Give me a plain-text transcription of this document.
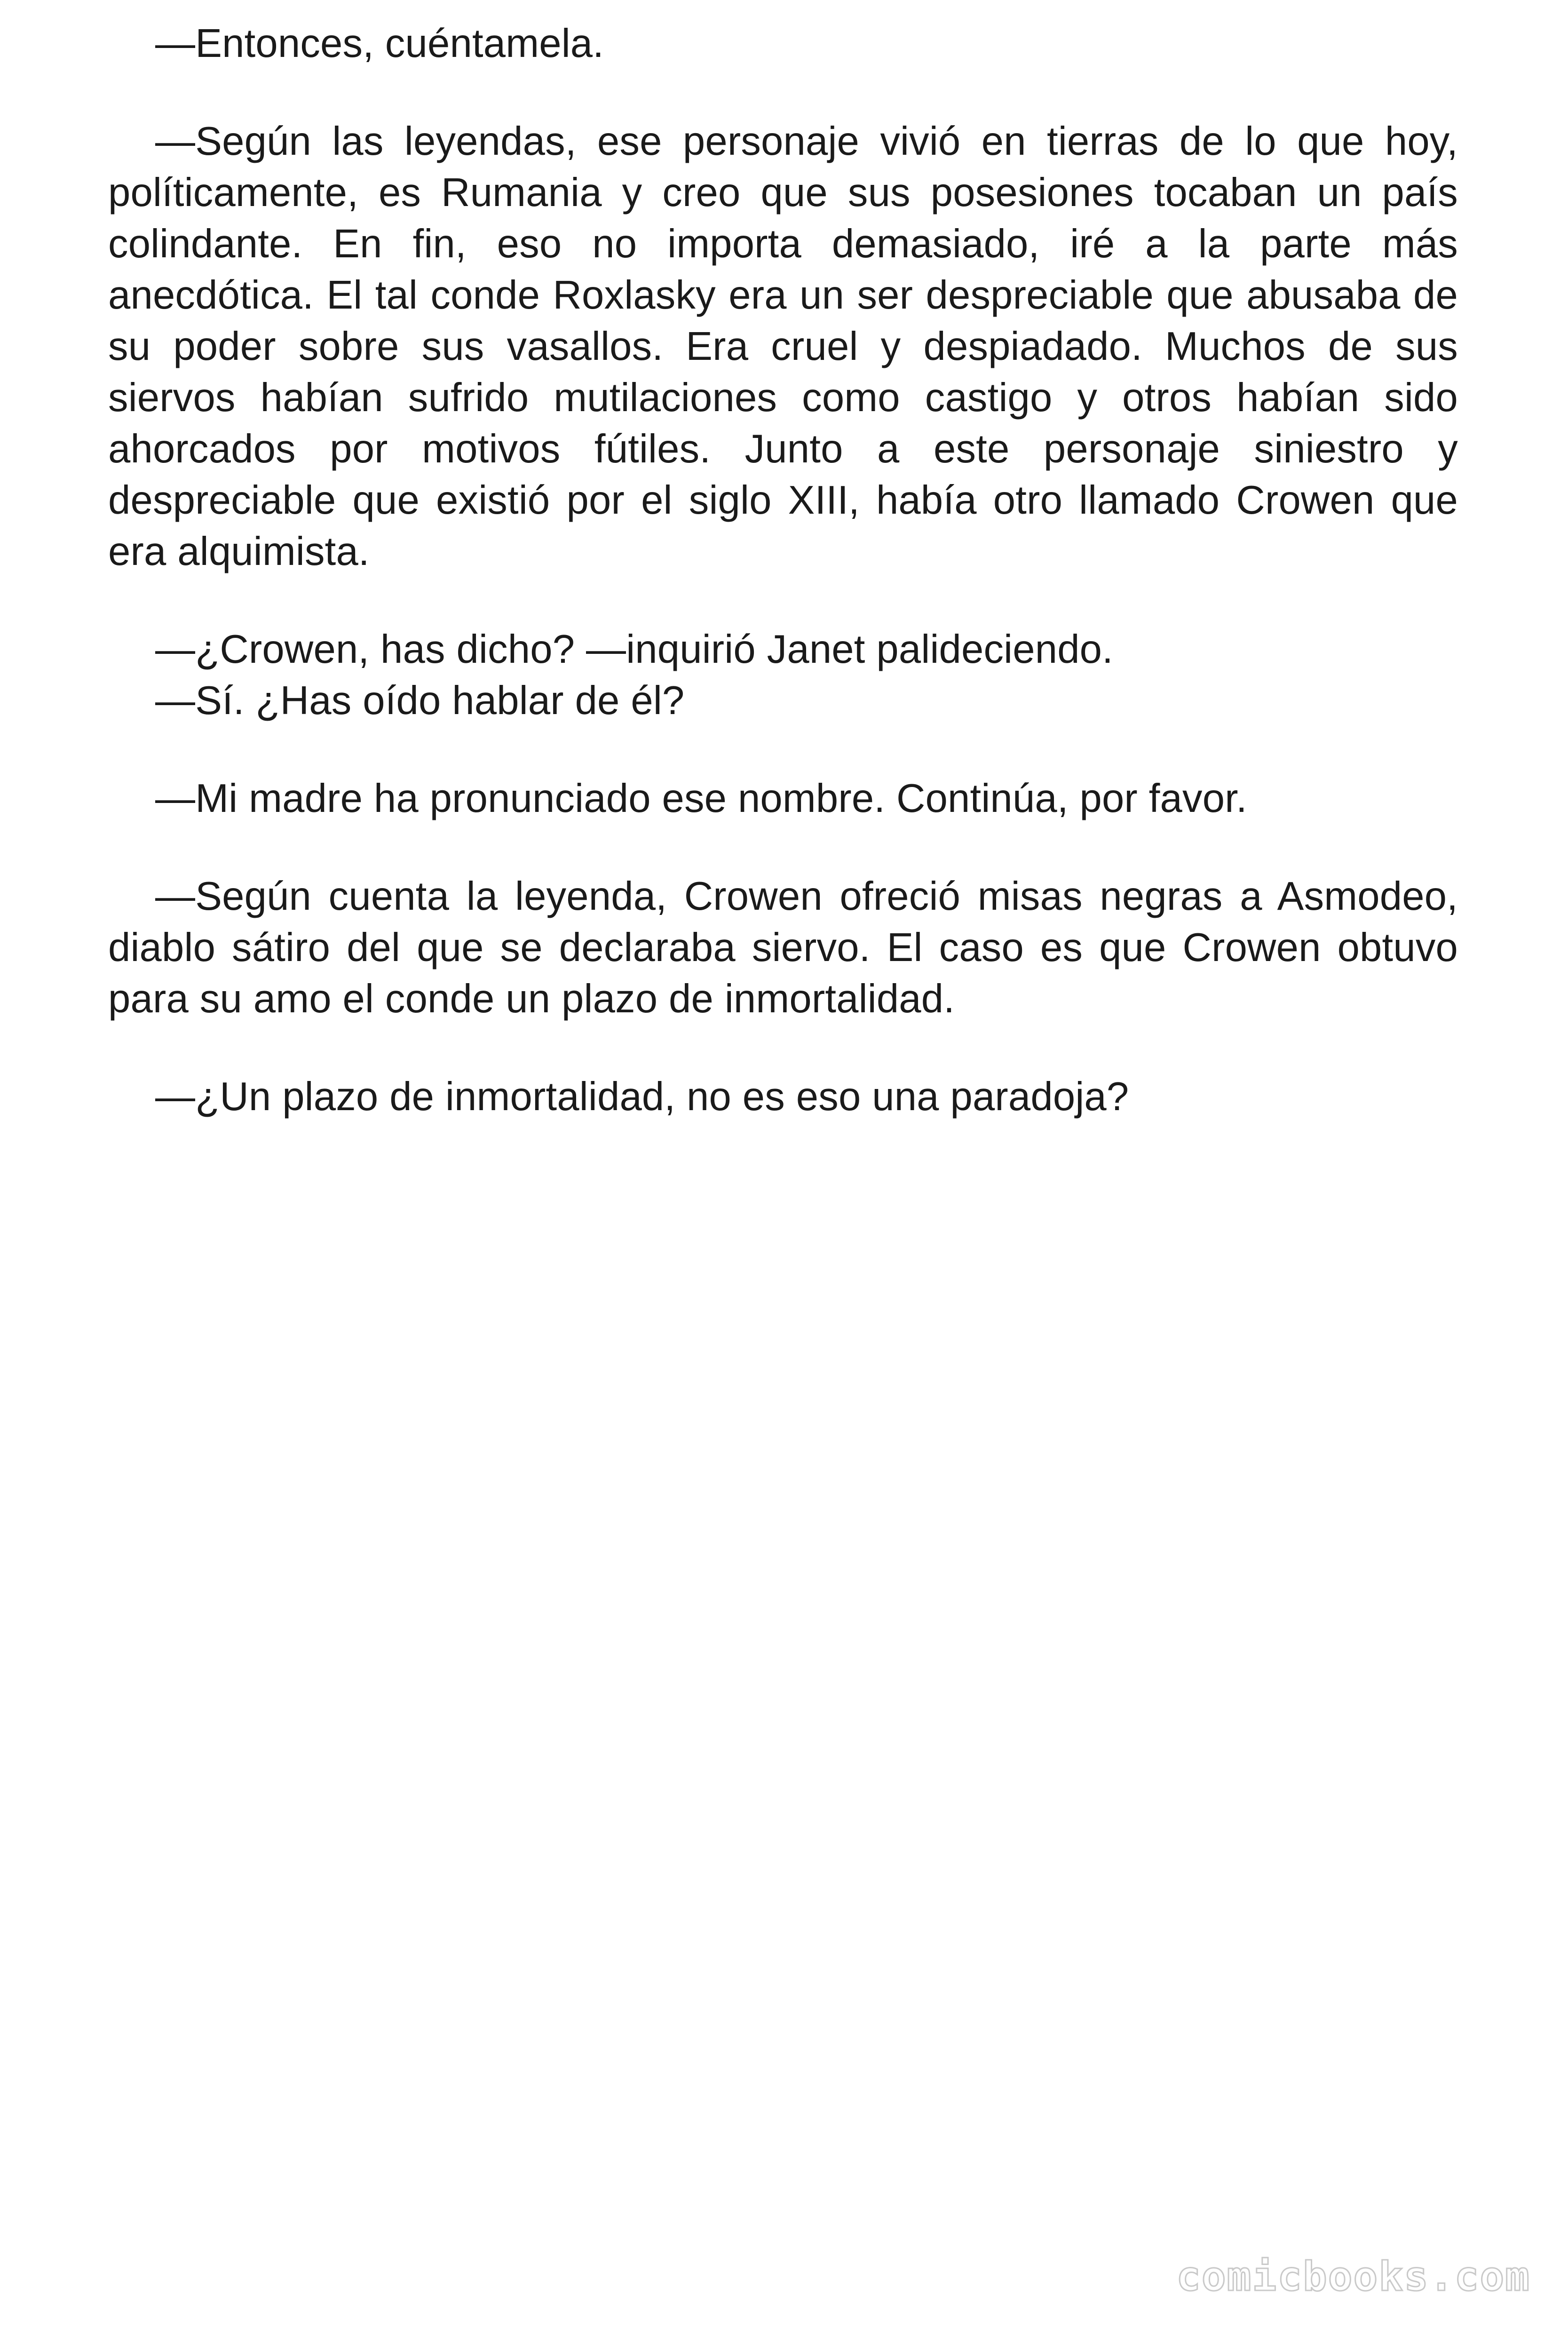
—Entonces, cuéntamela.

—Según las leyendas, ese personaje vivió en tierras de lo que hoy, políticamente, es Rumania y creo que sus posesiones tocaban un país colindante. En fin, eso no importa demasiado, iré a la parte más anecdótica. El tal conde Roxlasky era un ser despreciable que abusaba de su poder sobre sus vasallos. Era cruel y despiadado. Muchos de sus siervos habían sufrido mutilaciones como castigo y otros habían sido ahorcados por motivos fútiles. Junto a este personaje siniestro y despreciable que existió por el siglo XIII, había otro llamado Crowen que era alquimista.

—¿Crowen, has dicho? —inquirió Janet palideciendo.

—Sí. ¿Has oído hablar de él?

—Mi madre ha pronunciado ese nombre. Continúa, por favor.

—Según cuenta la leyenda, Crowen ofreció misas negras a Asmodeo, diablo sátiro del que se declaraba siervo. El caso es que Crowen obtuvo para su amo el conde un plazo de inmortalidad.

—¿Un plazo de inmortalidad, no es eso una paradoja?

comicbooks.com
